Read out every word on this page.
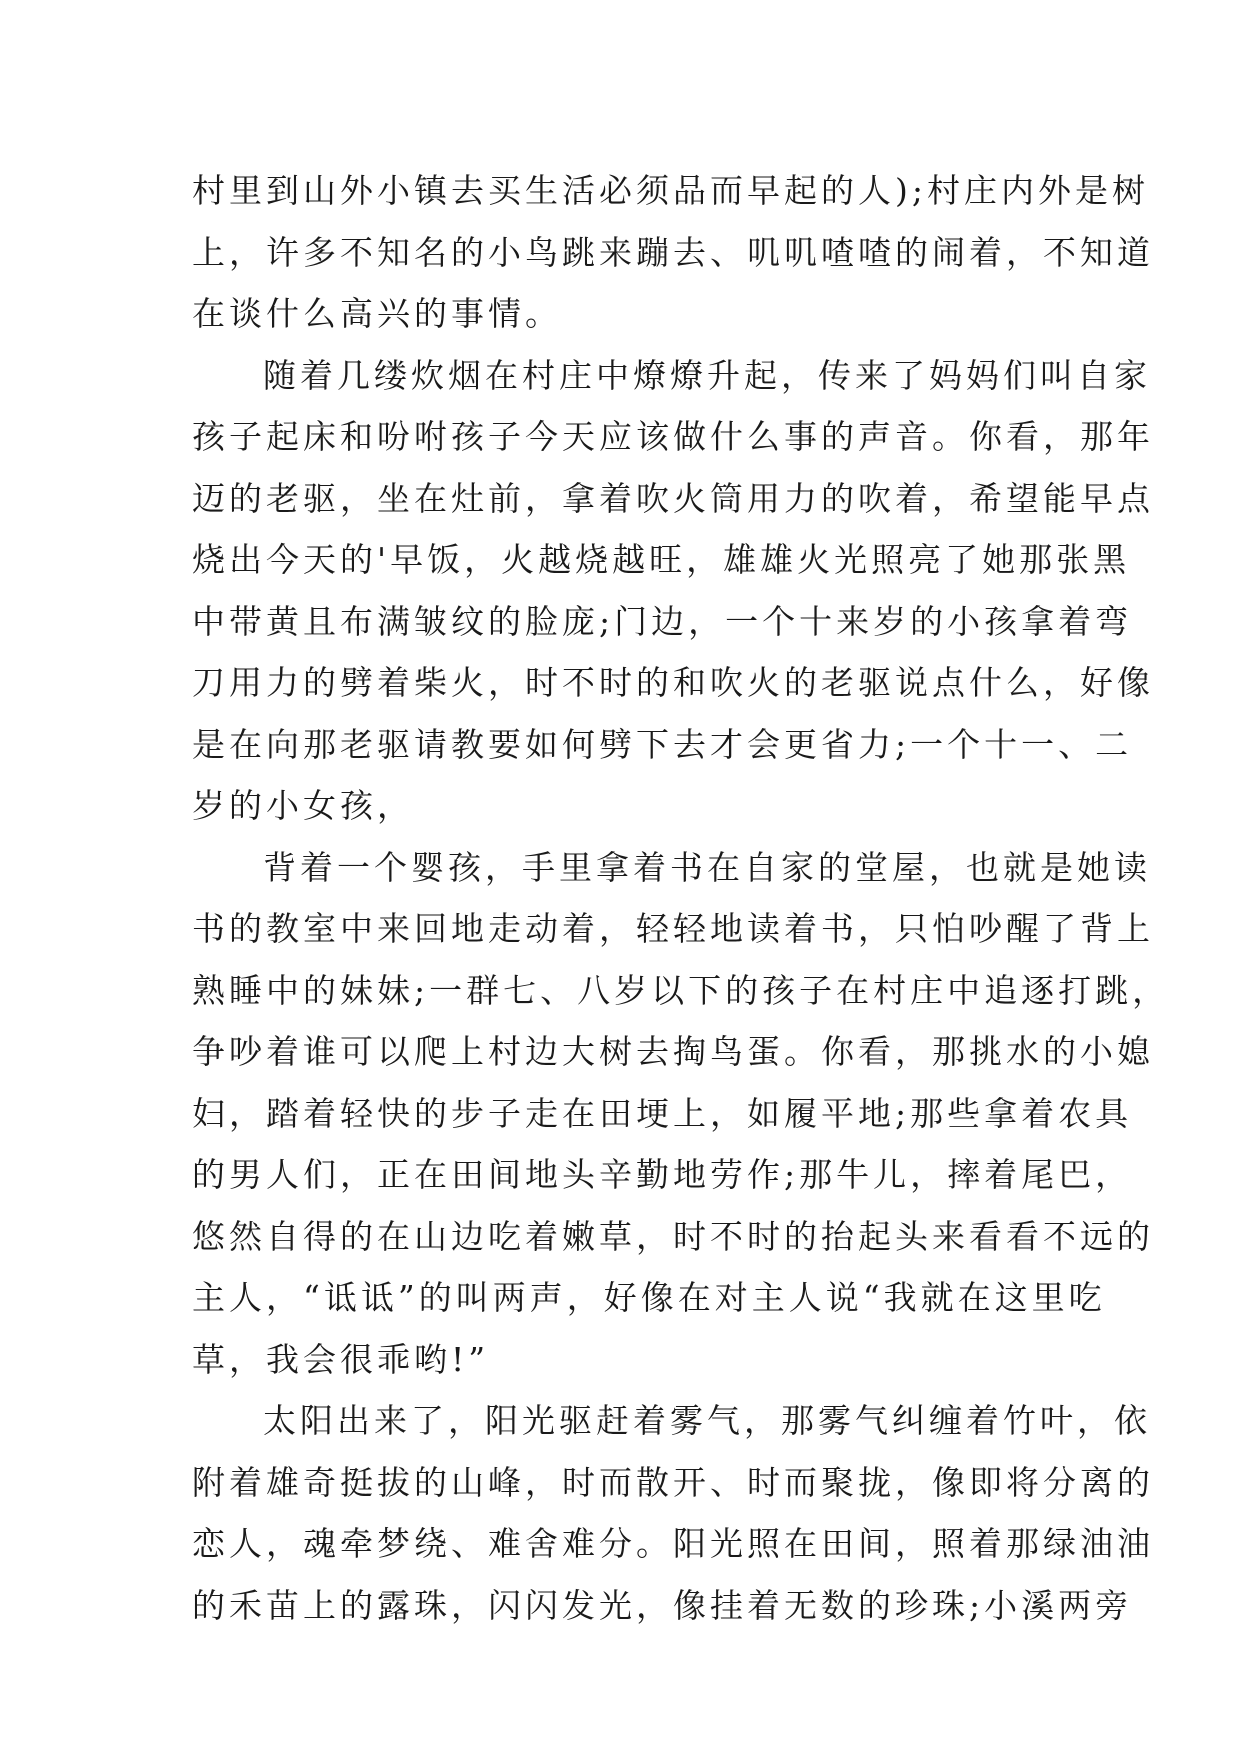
村里到山外小镇去买生活必须品而早起的人);村庄内外是树
上，许多不知名的小鸟跳来蹦去、叽叽喳喳的闹着，不知道
在谈什么高兴的事情。
随着几缕炊烟在村庄中燎燎升起，传来了妈妈们叫自家
孩子起床和吩咐孩子今天应该做什么事的声音。你看，那年
迈的老驱，坐在灶前，拿着吹火筒用力的吹着，希望能早点
烧出今天的'早饭，火越烧越旺，雄雄火光照亮了她那张黑
中带黄且布满皱纹的脸庞;门边，一个十来岁的小孩拿着弯
刀用力的劈着柴火，时不时的和吹火的老驱说点什么，好像
是在向那老驱请教要如何劈下去才会更省力;一个十一、二
岁的小女孩，
背着一个婴孩，手里拿着书在自家的堂屋，也就是她读
书的教室中来回地走动着，轻轻地读着书，只怕吵醒了背上
熟睡中的妹妹;一群七、八岁以下的孩子在村庄中追逐打跳，
争吵着谁可以爬上村边大树去掏鸟蛋。你看，那挑水的小媳
妇，踏着轻快的步子走在田埂上，如履平地;那些拿着农具
的男人们，正在田间地头辛勤地劳作;那牛儿，摔着尾巴，
悠然自得的在山边吃着嫩草，时不时的抬起头来看看不远的
主人，“诋诋”的叫两声，好像在对主人说“我就在这里吃
草，我会很乖哟!”
太阳出来了，阳光驱赶着雾气，那雾气纠缠着竹叶，依
附着雄奇挺拔的山峰，时而散开、时而聚拢，像即将分离的
恋人，魂牵梦绕、难舍难分。阳光照在田间，照着那绿油油
的禾苗上的露珠，闪闪发光，像挂着无数的珍珠;小溪两旁
